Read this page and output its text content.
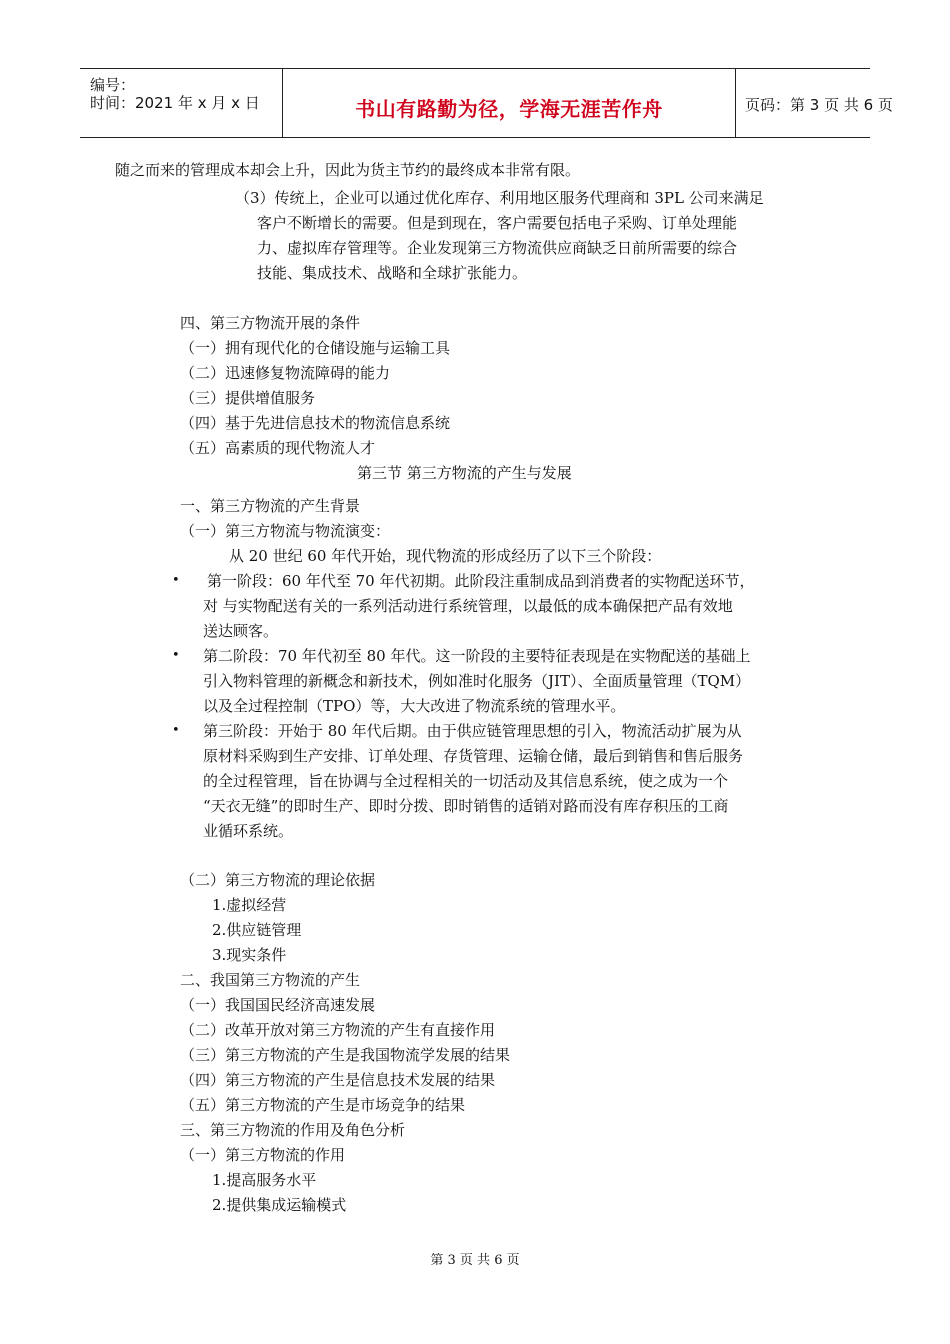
编号：
时间：2021 年 x 月 x 日	书山有路勤为径，学海无涯苦作舟	页码：第 3 页 共 6 页
随之而来的管理成本却会上升，因此为货主节约的最终成本非常有限。
（3）传统上，企业可以通过优化库存、利用地区服务代理商和 3PL 公司来满足
客户不断增长的需要。但是到现在，客户需要包括电子采购、订单处理能
力、虚拟库存管理等。企业发现第三方物流供应商缺乏日前所需要的综合
技能、集成技术、战略和全球扩张能力。
四、第三方物流开展的条件
（一）拥有现代化的仓储设施与运输工具
（二）迅速修复物流障碍的能力
（三）提供增值服务
（四）基于先进信息技术的物流信息系统
（五）高素质的现代物流人才
第三节 第三方物流的产生与发展
一、第三方物流的产生背景
（一）第三方物流与物流演变：
从 20 世纪 60 年代开始，现代物流的形成经历了以下三个阶段：
• 第一阶段：60 年代至 70 年代初期。此阶段注重制成品到消费者的实物配送环节，
对 与实物配送有关的一系列活动进行系统管理，以最低的成本确保把产品有效地
送达顾客。
• 第二阶段：70 年代初至 80 年代。这一阶段的主要特征表现是在实物配送的基础上
引入物料管理的新概念和新技术，例如准时化服务（JIT）、全面质量管理（TQM）
以及全过程控制（TPO）等，大大改进了物流系统的管理水平。
• 第三阶段：开始于 80 年代后期。由于供应链管理思想的引入，物流活动扩展为从
原材料采购到生产安排、订单处理、存货管理、运输仓储，最后到销售和售后服务
的全过程管理，旨在协调与全过程相关的一切活动及其信息系统，使之成为一个
“天衣无缝”的即时生产、即时分拨、即时销售的适销对路而没有库存积压的工商
业循环系统。
（二）第三方物流的理论依据
1.虚拟经营
2.供应链管理
3.现实条件
二、我国第三方物流的产生
（一）我国国民经济高速发展
（二）改革开放对第三方物流的产生有直接作用
（三）第三方物流的产生是我国物流学发展的结果
（四）第三方物流的产生是信息技术发展的结果
（五）第三方物流的产生是市场竞争的结果
三、第三方物流的作用及角色分析
（一）第三方物流的作用
1.提高服务水平
2.提供集成运输模式
第 3 页 共 6 页
